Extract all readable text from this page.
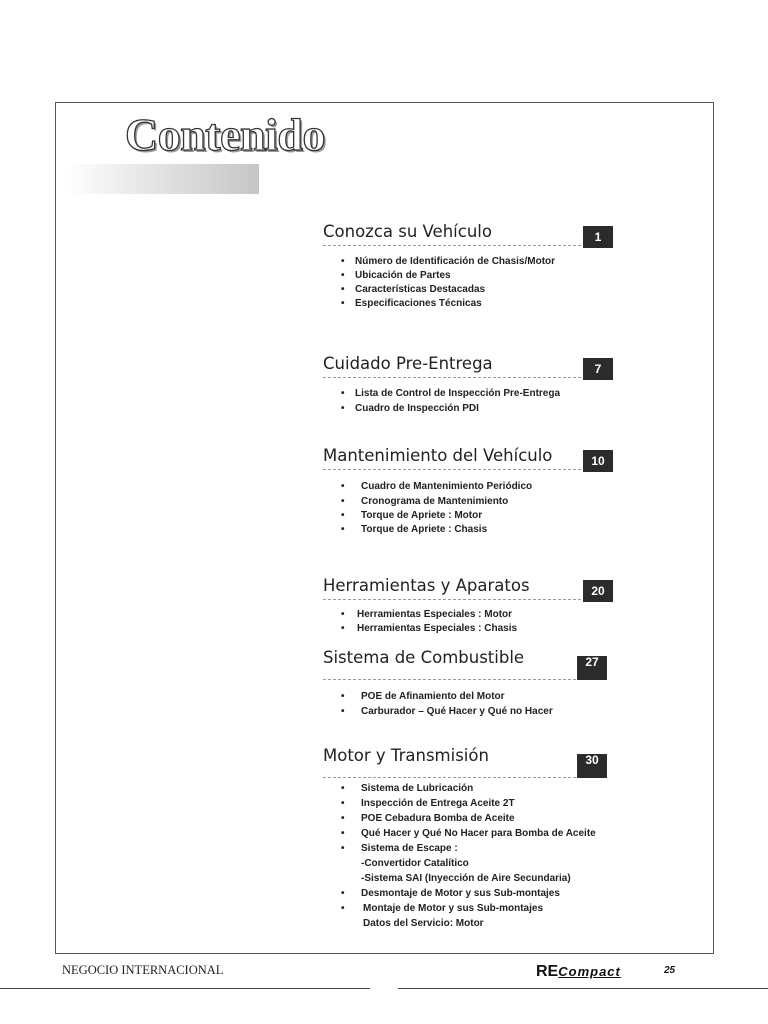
Contenido
Conozca su Vehículo	1
• Número de Identificación de Chasis/Motor
• Ubicación de Partes
• Características Destacadas
• Especificaciones Técnicas
Cuidado Pre-Entrega	7
• Lista de Control de Inspección Pre-Entrega
• Cuadro de Inspección PDI
Mantenimiento del Vehículo	10
• Cuadro de Mantenimiento Periódico
• Cronograma de Mantenimiento
• Torque de Apriete : Motor
• Torque de Apriete : Chasis
Herramientas y Aparatos	20
• Herramientas Especiales : Motor
• Herramientas Especiales : Chasis
Sistema de Combustible	27
• POE de Afinamiento del Motor
• Carburador – Qué Hacer y Qué no Hacer
Motor y Transmisión	30
• Sistema de Lubricación
• Inspección de Entrega Aceite 2T
• POE Cebadura Bomba de Aceite
• Qué Hacer y Qué No Hacer para Bomba de Aceite
• Sistema de Escape :
-Convertidor Catalítico
-Sistema SAI (Inyección de Aire Secundaria)
• Desmontaje de Motor y sus Sub-montajes
• Montaje de Motor y sus Sub-montajes
Datos del Servicio: Motor
NEGOCIO INTERNACIONAL	RECompact	25
